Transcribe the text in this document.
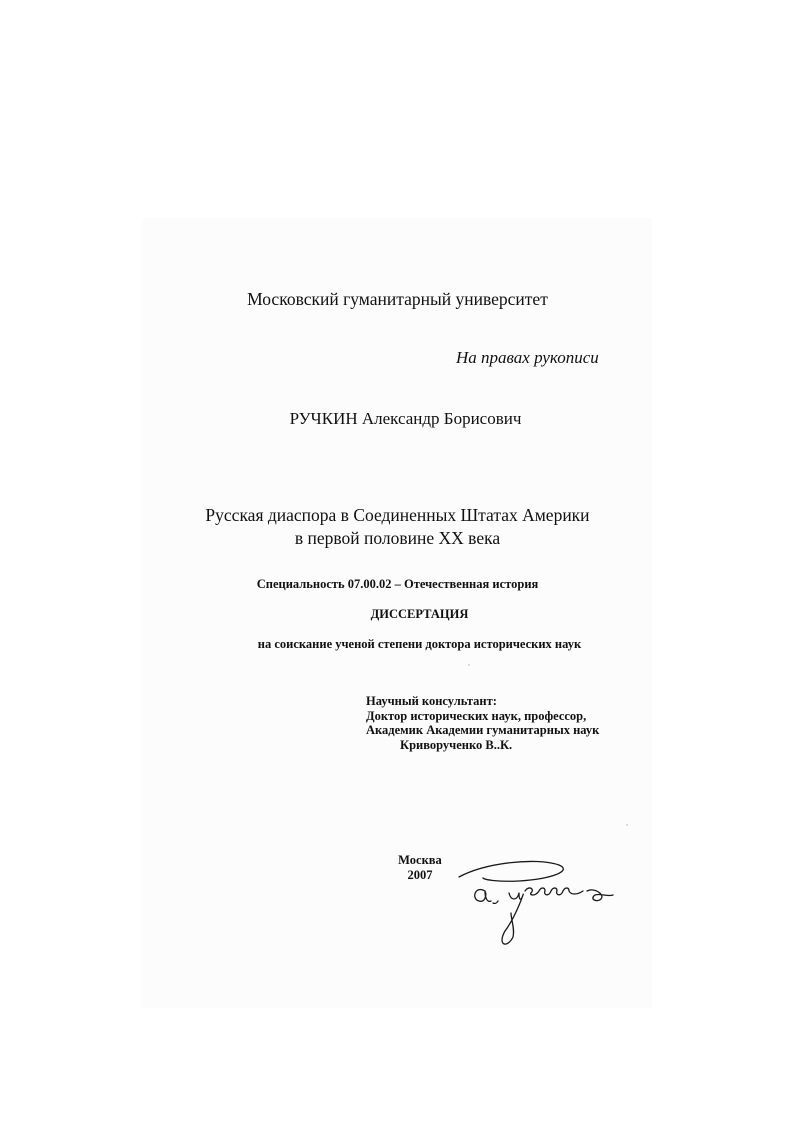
Московский гуманитарный университет
На правах рукописи
РУЧКИН Александр Борисович
Русская диаспора в Соединенных Штатах Америки
в первой половине XX века
Специальность 07.00.02 – Отечественная история
ДИССЕРТАЦИЯ
на соискание ученой степени доктора исторических наук
Научный консультант:
Доктор исторических наук, профессор,
Академик Академии гуманитарных наук
Криворученко В..К.
Москва
2007
